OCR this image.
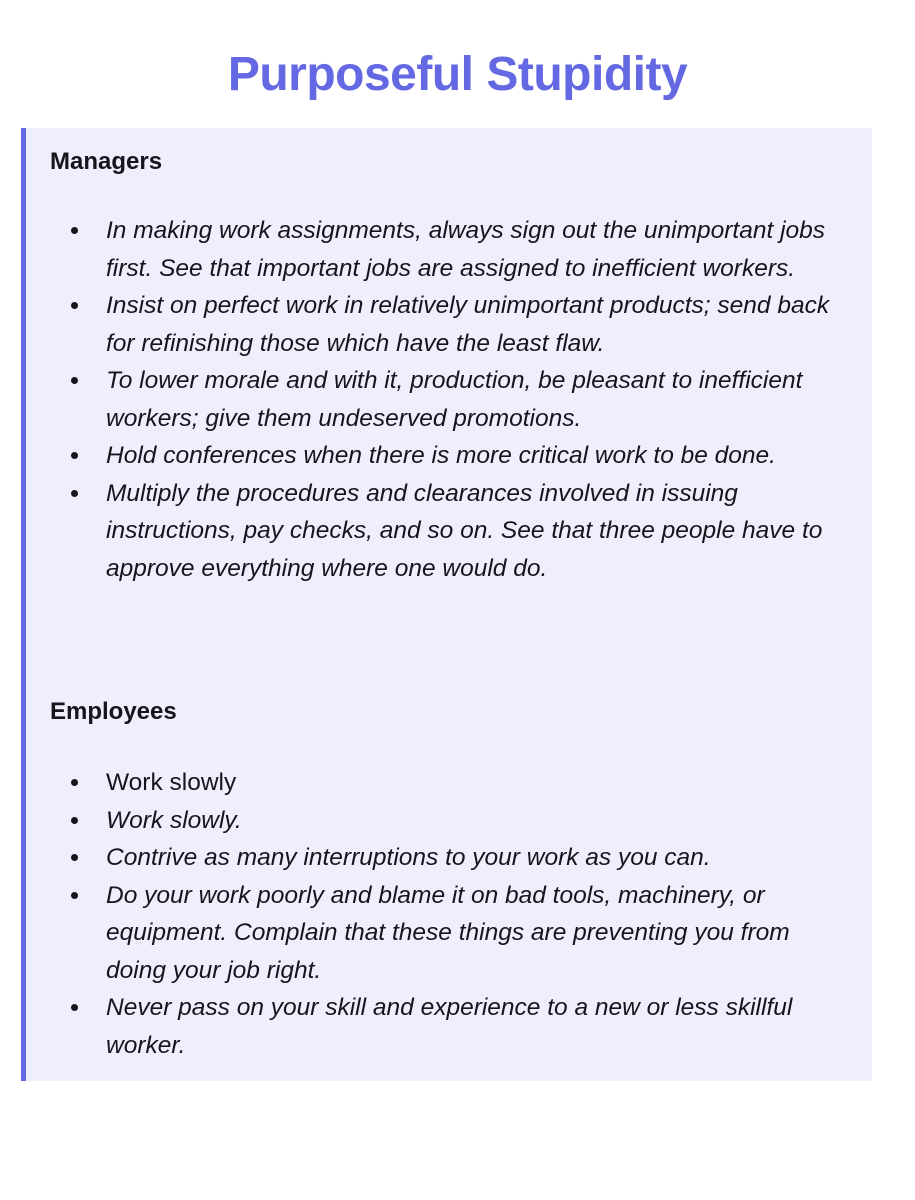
Purposeful Stupidity
Managers
In making work assignments, always sign out the unimportant jobs first. See that important jobs are assigned to inefficient workers.
Insist on perfect work in relatively unimportant products; send back for refinishing those which have the least flaw.
To lower morale and with it, production, be pleasant to inefficient workers; give them undeserved promotions.
Hold conferences when there is more critical work to be done.
Multiply the procedures and clearances involved in issuing instructions, pay checks, and so on. See that three people have to approve everything where one would do.
Employees
Work slowly
Work slowly.
Contrive as many interruptions to your work as you can.
Do your work poorly and blame it on bad tools, machinery, or equipment. Complain that these things are preventing you from doing your job right.
Never pass on your skill and experience to a new or less skillful worker.
